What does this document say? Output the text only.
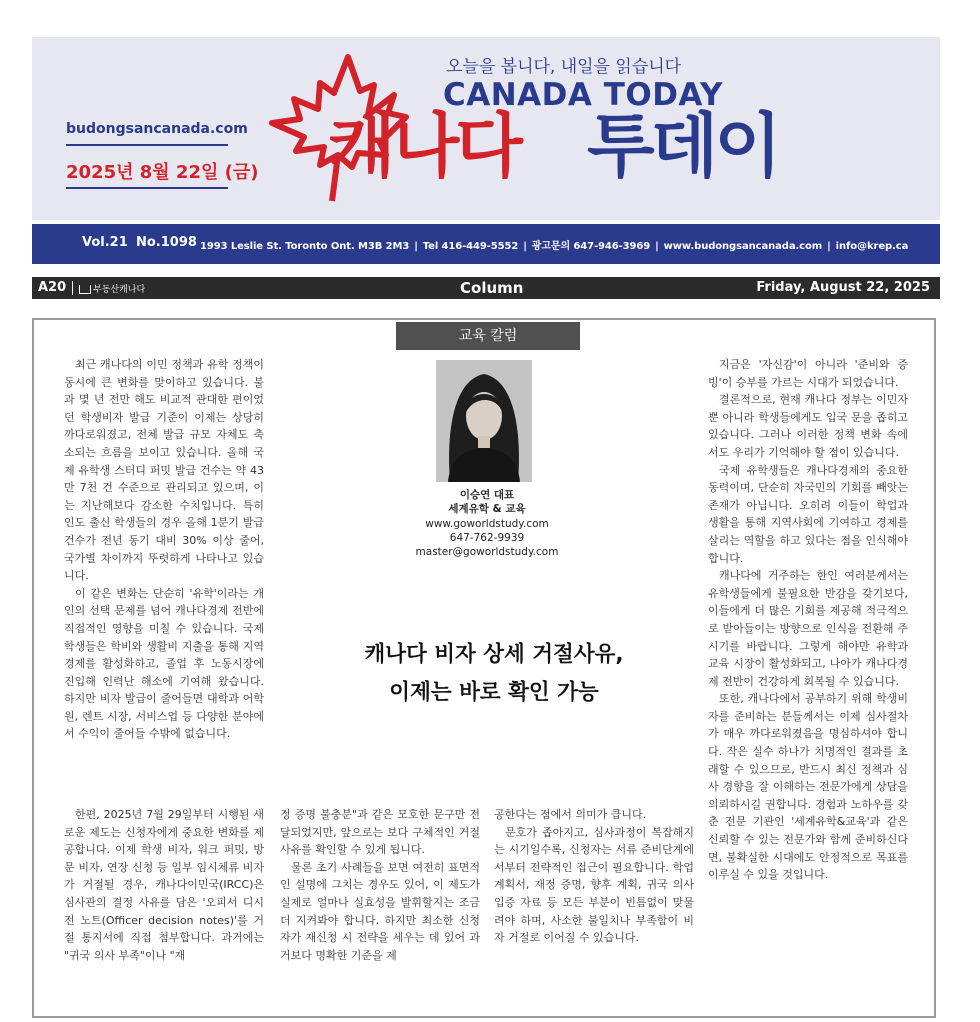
budongsancanada.com
2025년 8월 22일 (금)
오늘을 봅니다, 내일을 읽습니다
CANADA TODAY
캐나다 투데이
Vol.21 No.1098 1993 Leslie St. Toronto Ont. M3B 2M3 | Tel 416-449-5552 | 광고문의 647-946-3969 | www.budongsancanada.com | info@krep.ca
A20	부동산캐나다	Column	Friday, August 22, 2025
교육 칼럼

최근 캐나다의 이민 정책과 유학 정책이 동시에 큰 변화를 맞이하고 있습니다. 불과 몇 년 전만 해도 비교적 관대한 편이었던 학생비자 발급 기준이 이제는 상당히 까다로워졌고, 전체 발급 규모 자체도 축소되는 흐름을 보이고 있습니다. 올해 국제 유학생 스터디 퍼밋 발급 건수는 약 43만 7천 건 수준으로 관리되고 있으며, 이는 지난해보다 감소한 수치입니다. 특히 인도 출신 학생들의 경우 올해 1분기 발급 건수가 전년 동기 대비 30% 이상 줄어, 국가별 차이까지 뚜렷하게 나타나고 있습니다.

이 같은 변화는 단순히 '유학'이라는 개인의 선택 문제를 넘어 캐나다경제 전반에 직접적인 영향을 미칠 수 있습니다. 국제학생들은 학비와 생활비 지출을 통해 지역경제를 활성화하고, 졸업 후 노동시장에 진입해 인력난 해소에 기여해 왔습니다. 하지만 비자 발급이 줄어들면 대학과 어학원, 렌트 시장, 서비스업 등 다양한 분야에서 수익이 줄어들 수밖에 없습니다.

한편, 2025년 7월 29일부터 시행된 새로운 제도는 신청자에게 중요한 변화를 제공합니다. 이제 학생 비자, 워크 퍼밋, 방문 비자, 연장 신청 등 일부 임시체류 비자가 거절될 경우, 캐나다이민국(IRCC)은 심사관의 결정 사유를 담은 '오피서 디시전 노트(Officer decision notes)'를 거절 통지서에 직접 첨부합니다. 과거에는 "귀국 의사 부족"이나 "재

정 증명 불충분"과 같은 모호한 문구만 전달되었지만, 앞으로는 보다 구체적인 거절 사유를 확인할 수 있게 됩니다.

물론 초기 사례들을 보면 여전히 표면적인 설명에 그치는 경우도 있어, 이 제도가 실제로 얼마나 실효성을 발휘할지는 조금 더 지켜봐야 합니다. 하지만 최소한 신청자가 재신청 시 전략을 세우는 데 있어 과거보다 명확한 기준을 제

공한다는 점에서 의미가 큽니다.

문호가 좁아지고, 심사과정이 복잡해지는 시기일수록, 신청자는 서류 준비단계에서부터 전략적인 접근이 필요합니다. 학업 계획서, 재정 증명, 향후 계획, 귀국 의사 입증 자료 등 모든 부분이 빈틈없이 맞물려야 하며, 사소한 불일치나 부족함이 비자 거절로 이어질 수 있습니다.

지금은 '자신감'이 아니라 '준비와 증빙'이 승부를 가르는 시대가 되었습니다.

결론적으로, 현재 캐나다 정부는 이민자뿐 아니라 학생들에게도 입국 문을 좁히고 있습니다. 그러나 이러한 정책 변화 속에서도 우리가 기억해야 할 점이 있습니다.

국제 유학생들은 캐나다경제의 중요한 동력이며, 단순히 자국민의 기회를 빼앗는 존재가 아닙니다. 오히려 이들이 학업과 생활을 통해 지역사회에 기여하고 경제를 살리는 역할을 하고 있다는 점을 인식해야 합니다.

캐나다에 거주하는 한인 여러분께서는 유학생들에게 불필요한 반감을 갖기보다, 이들에게 더 많은 기회를 제공해 적극적으로 받아들이는 방향으로 인식을 전환해 주시기를 바랍니다. 그렇게 해야만 유학과 교육 시장이 활성화되고, 나아가 캐나다경제 전반이 건강하게 회복될 수 있습니다.

또한, 캐나다에서 공부하기 위해 학생비자를 준비하는 분들께서는 이제 심사절차가 매우 까다로워졌음을 명심하셔야 합니다. 작은 실수 하나가 치명적인 결과를 초래할 수 있으므로, 반드시 최신 정책과 심사 경향을 잘 이해하는 전문가에게 상담을 의뢰하시길 권합니다. 경험과 노하우를 갖춘 전문 기관인 '세계유학&교육'과 같은 신뢰할 수 있는 전문가와 함께 준비하신다면, 불확실한 시대에도 안정적으로 목표를 이루실 수 있을 것입니다.

이승연 대표
세계유학 & 교육
www.goworldstudy.com
647-762-9939
master@goworldstudy.com
캐나다 비자 상세 거절사유,
이제는 바로 확인 가능
